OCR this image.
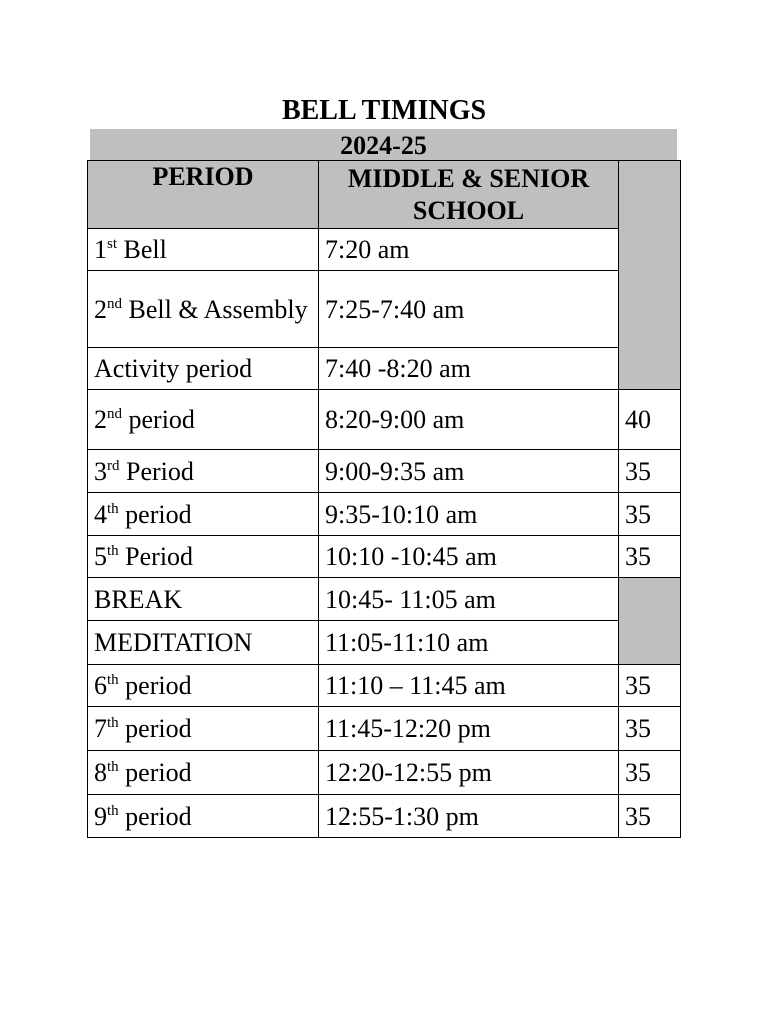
BELL TIMINGS
2024-25
PERIOD	MIDDLE & SENIOR SCHOOL	
1st Bell	7:20 am	
2nd Bell & Assembly	7:25-7:40 am	
Activity period	7:40 -8:20 am	
2nd period	8:20-9:00 am	40
3rd Period	9:00-9:35 am	35
4th period	9:35-10:10 am	35
5th Period	10:10 -10:45 am	35
BREAK	10:45- 11:05 am	
MEDITATION	11:05-11:10 am	
6th period	11:10 – 11:45 am	35
7th period	11:45-12:20 pm	35
8th period	12:20-12:55 pm	35
9th period	12:55-1:30 pm	35
